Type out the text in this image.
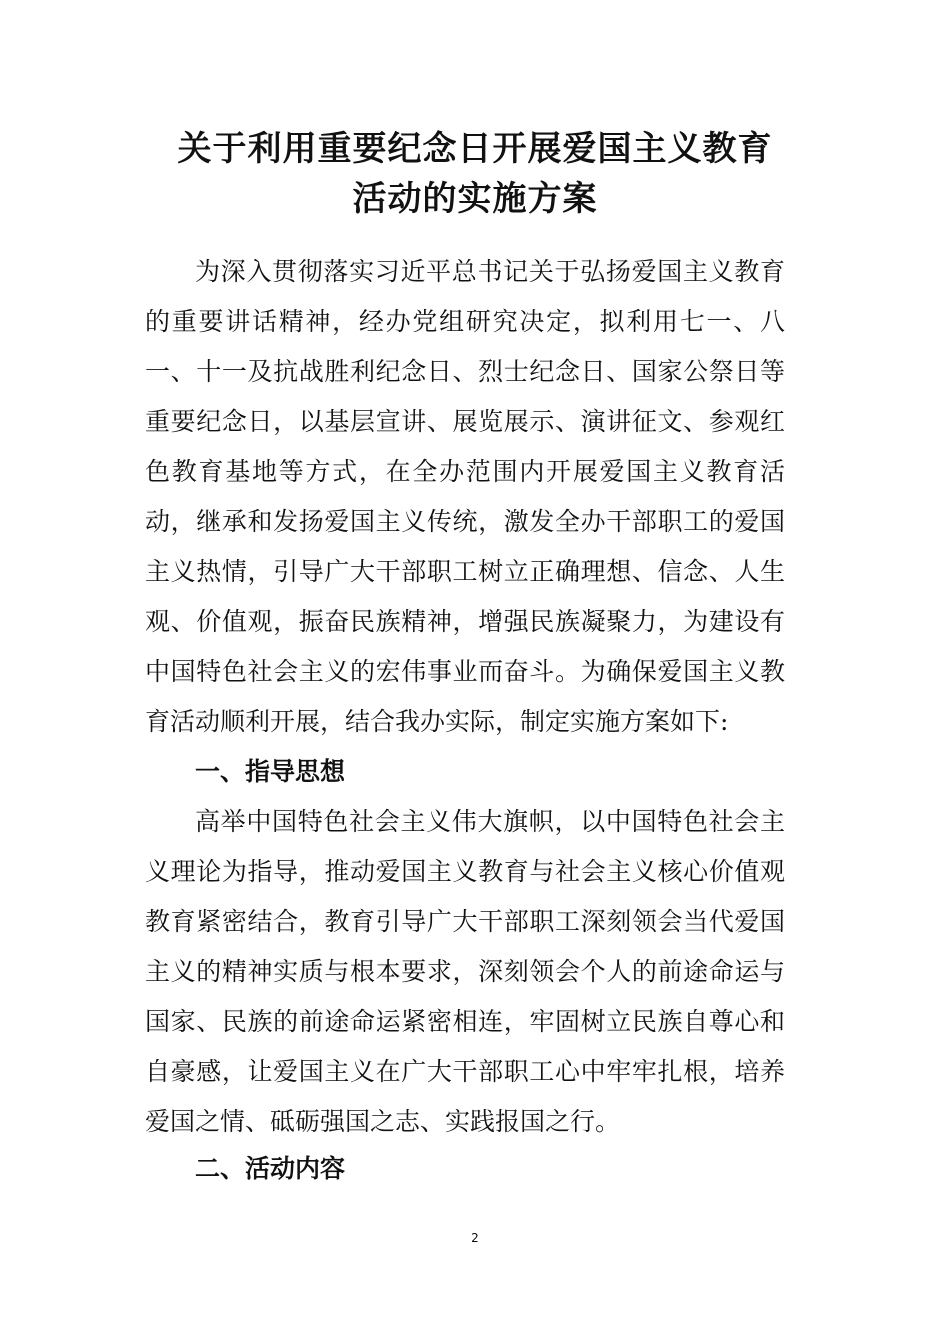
关于利用重要纪念日开展爱国主义教育
活动的实施方案

为深入贯彻落实习近平总书记关于弘扬爱国主义教育的重要讲话精神，经办党组研究决定，拟利用七一、八一、十一及抗战胜利纪念日、烈士纪念日、国家公祭日等重要纪念日，以基层宣讲、展览展示、演讲征文、参观红色教育基地等方式，在全办范围内开展爱国主义教育活动，继承和发扬爱国主义传统，激发全办干部职工的爱国主义热情，引导广大干部职工树立正确理想、信念、人生观、价值观，振奋民族精神，增强民族凝聚力，为建设有中国特色社会主义的宏伟事业而奋斗。为确保爱国主义教育活动顺利开展，结合我办实际，制定实施方案如下:

一、指导思想

高举中国特色社会主义伟大旗帜，以中国特色社会主义理论为指导，推动爱国主义教育与社会主义核心价值观教育紧密结合，教育引导广大干部职工深刻领会当代爱国主义的精神实质与根本要求，深刻领会个人的前途命运与国家、民族的前途命运紧密相连，牢固树立民族自尊心和自豪感，让爱国主义在广大干部职工心中牢牢扎根，培养爱国之情、砥砺强国之志、实践报国之行。

二、活动内容
2
